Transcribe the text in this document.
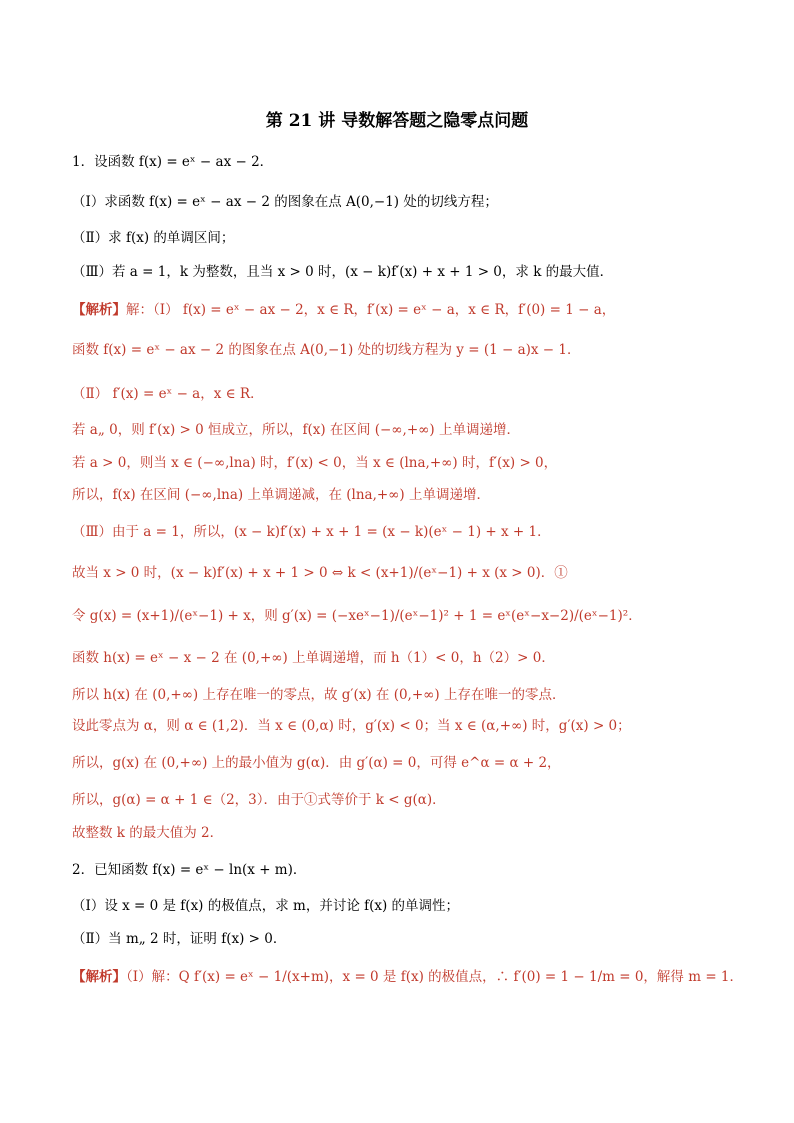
第 21 讲 导数解答题之隐零点问题
1．设函数 f(x) = eˣ − ax − 2．
（Ⅰ）求函数 f(x) = eˣ − ax − 2 的图象在点 A(0,−1) 处的切线方程；
（Ⅱ）求 f(x) 的单调区间；
（Ⅲ）若 a = 1，k 为整数，且当 x > 0 时，(x − k)f′(x) + x + 1 > 0，求 k 的最大值．
【解析】解：（Ⅰ） f(x) = eˣ − ax − 2，x ∈ R，f′(x) = eˣ − a，x ∈ R，f′(0) = 1 − a，
函数 f(x) = eˣ − ax − 2 的图象在点 A(0,−1) 处的切线方程为 y = (1 − a)x − 1．
（Ⅱ） f′(x) = eˣ − a，x ∈ R．
若 a„ 0，则 f′(x) > 0 恒成立，所以，f(x) 在区间 (−∞,+∞) 上单调递增．
若 a > 0，则当 x ∈ (−∞,lna) 时，f′(x) < 0，当 x ∈ (lna,+∞) 时，f′(x) > 0，
所以，f(x) 在区间 (−∞,lna) 上单调递减，在 (lna,+∞) 上单调递增．
（Ⅲ）由于 a = 1，所以，(x − k)f′(x) + x + 1 = (x − k)(eˣ − 1) + x + 1．
故当 x > 0 时，(x − k)f′(x) + x + 1 > 0 ⇔ k < (x+1)/(eˣ−1) + x (x > 0)．①
令 g(x) = (x+1)/(eˣ−1) + x，则 g′(x) = (−xeˣ−1)/(eˣ−1)² + 1 = eˣ(eˣ−x−2)/(eˣ−1)²．
函数 h(x) = eˣ − x − 2 在 (0,+∞) 上单调递增，而 h（1）< 0，h（2）> 0．
所以 h(x) 在 (0,+∞) 上存在唯一的零点，故 g′(x) 在 (0,+∞) 上存在唯一的零点．
设此零点为 α，则 α ∈ (1,2)．当 x ∈ (0,α) 时，g′(x) < 0；当 x ∈ (α,+∞) 时，g′(x) > 0；
所以，g(x) 在 (0,+∞) 上的最小值为 g(α)．由 g′(α) = 0，可得 e^α = α + 2，
所以，g(α) = α + 1 ∈（2，3）．由于①式等价于 k < g(α)．
故整数 k 的最大值为 2．
2．已知函数 f(x) = eˣ − ln(x + m)．
（Ⅰ）设 x = 0 是 f(x) 的极值点，求 m，并讨论 f(x) 的单调性；
（Ⅱ）当 m„ 2 时，证明 f(x) > 0．
【解析】（Ⅰ）解：Q f′(x) = eˣ − 1/(x+m)，x = 0 是 f(x) 的极值点，∴ f′(0) = 1 − 1/m = 0，解得 m = 1．
